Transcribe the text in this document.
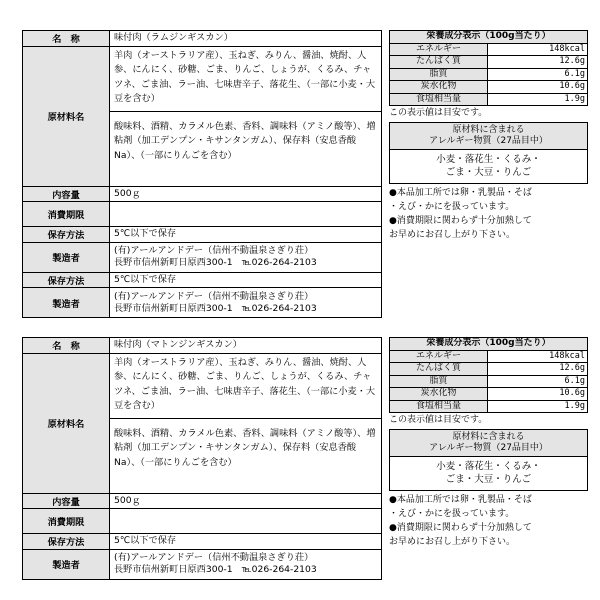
名　称	味付肉（ラムジンギスカン）
原材料名	羊肉（オーストラリア産）、玉ねぎ、みりん、醤油、焼酎、人参、にんにく、砂糖、ごま、りんご、しょうが、くるみ、チャツネ、ごま油、ラー油、七味唐辛子、落花生、（一部に小麦・大豆を含む）
酸味料、酒精、カラメル色素、香料、調味料（アミノ酸等）、増粘剤（加工デンプン・キサンタンガム）、保存料（安息香酸Na）、（一部にりんごを含む）

内容量	500ｇ
消費期限	
保存方法	5℃以下で保存
製造者	(有)アールアンドデー（信州不動温泉さぎり荘）
長野市信州新町日原西300-1　℡026-264-2103

保存方法	5℃以下で保存
製造者	(有)アールアンドデー（信州不動温泉さぎり荘）
長野市信州新町日原西300-1　℡026-264-2103
栄養成分表示（100g当たり）	
エネルギー	148kcal
たんぱく質	12.6g
脂質	6.1g
炭水化物	10.6g
食塩相当量	1.9g
この表示値は目安です。
原材料に含まれる
アレルギー物質（27品目中）
小麦・落花生・くるみ・
ごま・大豆・りんご
●本品加工所では卵・乳製品・そば
・えび・かにを扱っています。
●消費期限に関わらず十分加熱して
お早めにお召し上がり下さい。
名　称	味付肉（マトンジンギスカン）
原材料名	羊肉（オーストラリア産）、玉ねぎ、みりん、醤油、焼酎、人参、にんにく、砂糖、ごま、りんご、しょうが、くるみ、チャツネ、ごま油、ラー油、七味唐辛子、落花生、（一部に小麦・大豆を含む）
酸味料、酒精、カラメル色素、香料、調味料（アミノ酸等）、増粘剤（加工デンプン・キサンタンガム）、保存料（安息香酸Na）、（一部にりんごを含む）

内容量	500ｇ
消費期限	
保存方法	5℃以下で保存
製造者	(有)アールアンドデー（信州不動温泉さぎり荘）
長野市信州新町日原西300-1　℡026-264-2103
栄養成分表示（100g当たり）	
エネルギー	148kcal
たんぱく質	12.6g
脂質	6.1g
炭水化物	10.6g
食塩相当量	1.9g
この表示値は目安です。
原材料に含まれる
アレルギー物質（27品目中）
小麦・落花生・くるみ・
ごま・大豆・りんご
●本品加工所では卵・乳製品・そば
・えび・かにを扱っています。
●消費期限に関わらず十分加熱して
お早めにお召し上がり下さい。
